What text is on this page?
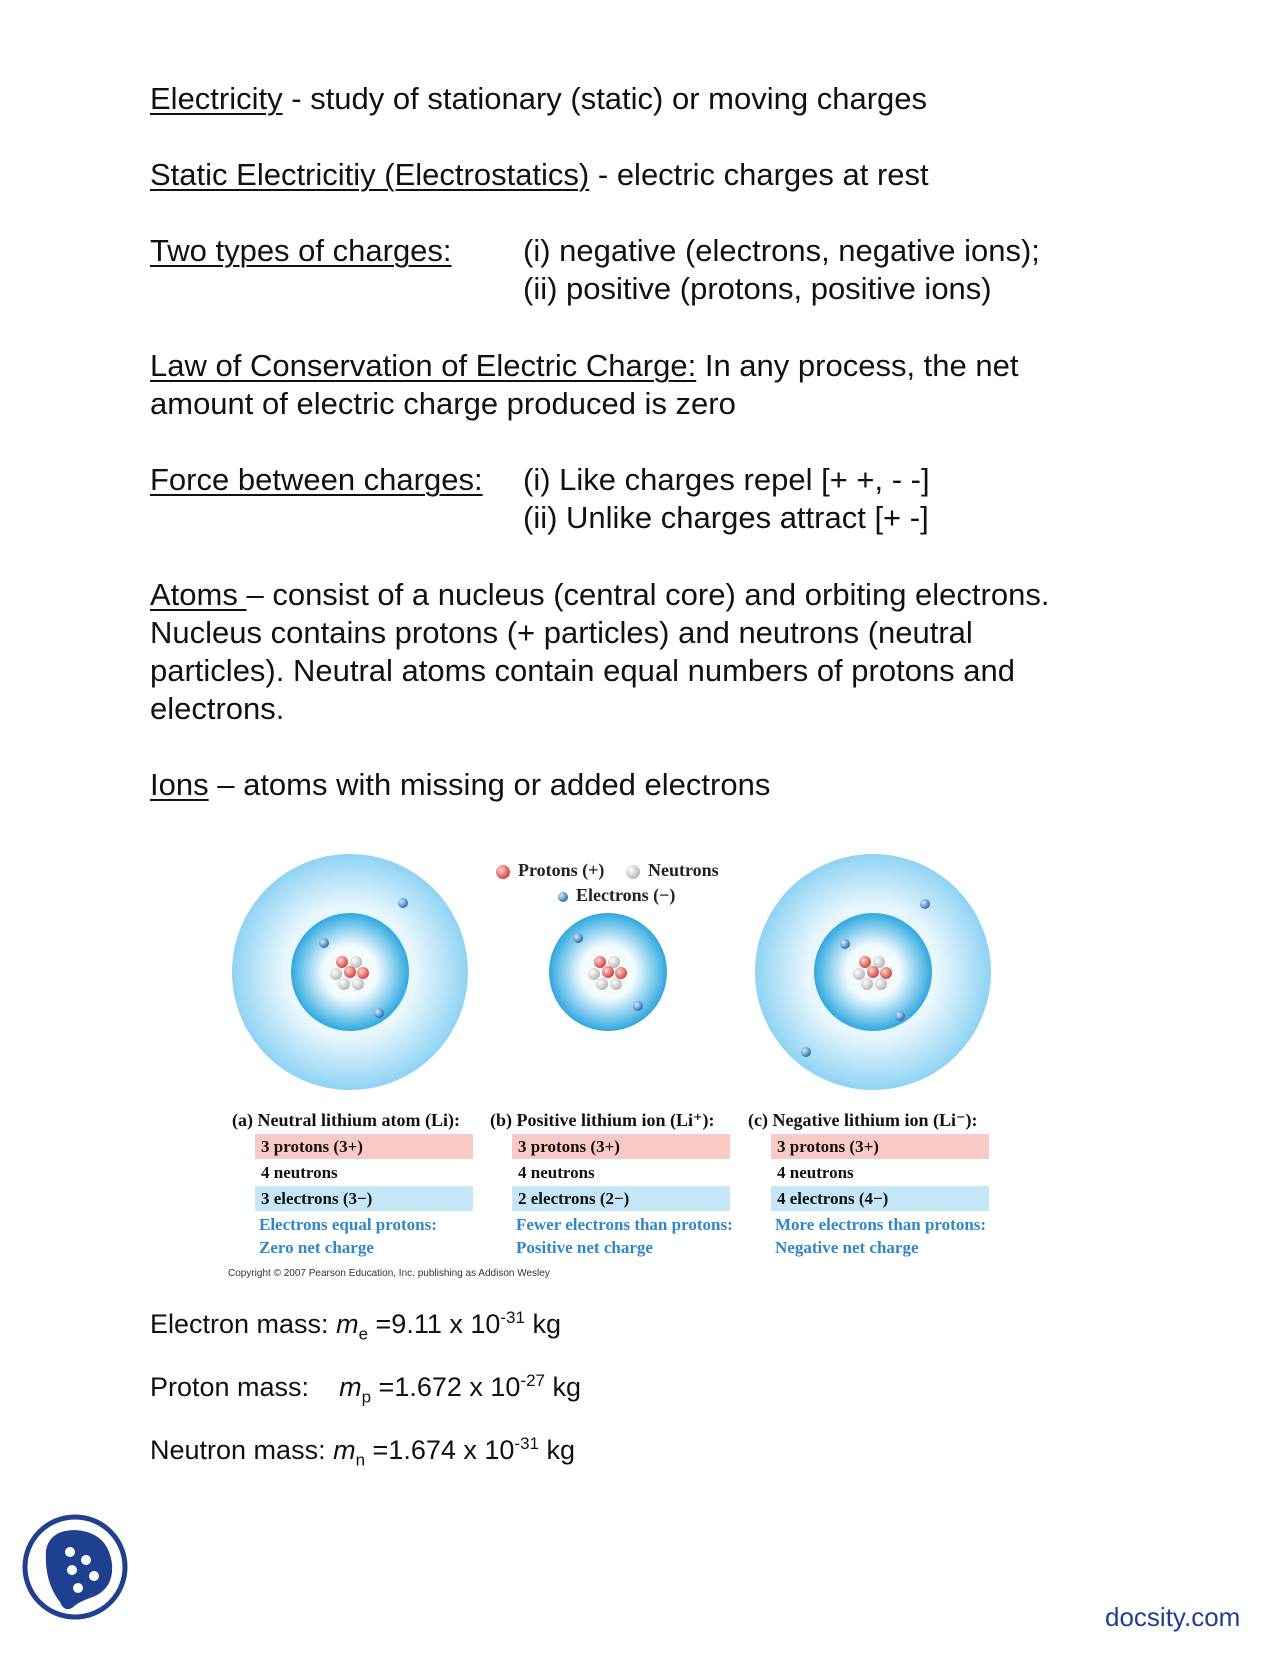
Electricity - study of stationary (static) or moving charges
Static Electricitiy (Electrostatics) - electric charges at rest
Two types of charges: (i) negative (electrons, negative ions);
(ii) positive (protons, positive ions)
Law of Conservation of Electric Charge: In any process, the net
amount of electric charge produced is zero
Force between charges: (i) Like charges repel [+ +, - -]
(ii) Unlike charges attract [+ -]
Atoms – consist of a nucleus (central core) and orbiting electrons.
Nucleus contains protons (+ particles) and neutrons (neutral
particles). Neutral atoms contain equal numbers of protons and
electrons.
Ions – atoms with missing or added electrons
Protons (+) Neutrons
Electrons (−)
(a) Neutral lithium atom (Li):
3 protons (3+)
4 neutrons
3 electrons (3−)
Electrons equal protons:
Zero net charge
(b) Positive lithium ion (Li⁺):
3 protons (3+)
4 neutrons
2 electrons (2−)
Fewer electrons than protons:
Positive net charge
(c) Negative lithium ion (Li⁻):
3 protons (3+)
4 neutrons
4 electrons (4−)
More electrons than protons:
Negative net charge
Copyright © 2007 Pearson Education, Inc. publishing as Addison Wesley
Electron mass: $m_e =9.11$ x $10^{-31}$ kg
Proton mass:    $m_p =1.672$ x $10^{-27}$ kg
Neutron mass: $m_n =1.674$ x $10^{-31}$ kg
docsity.com
